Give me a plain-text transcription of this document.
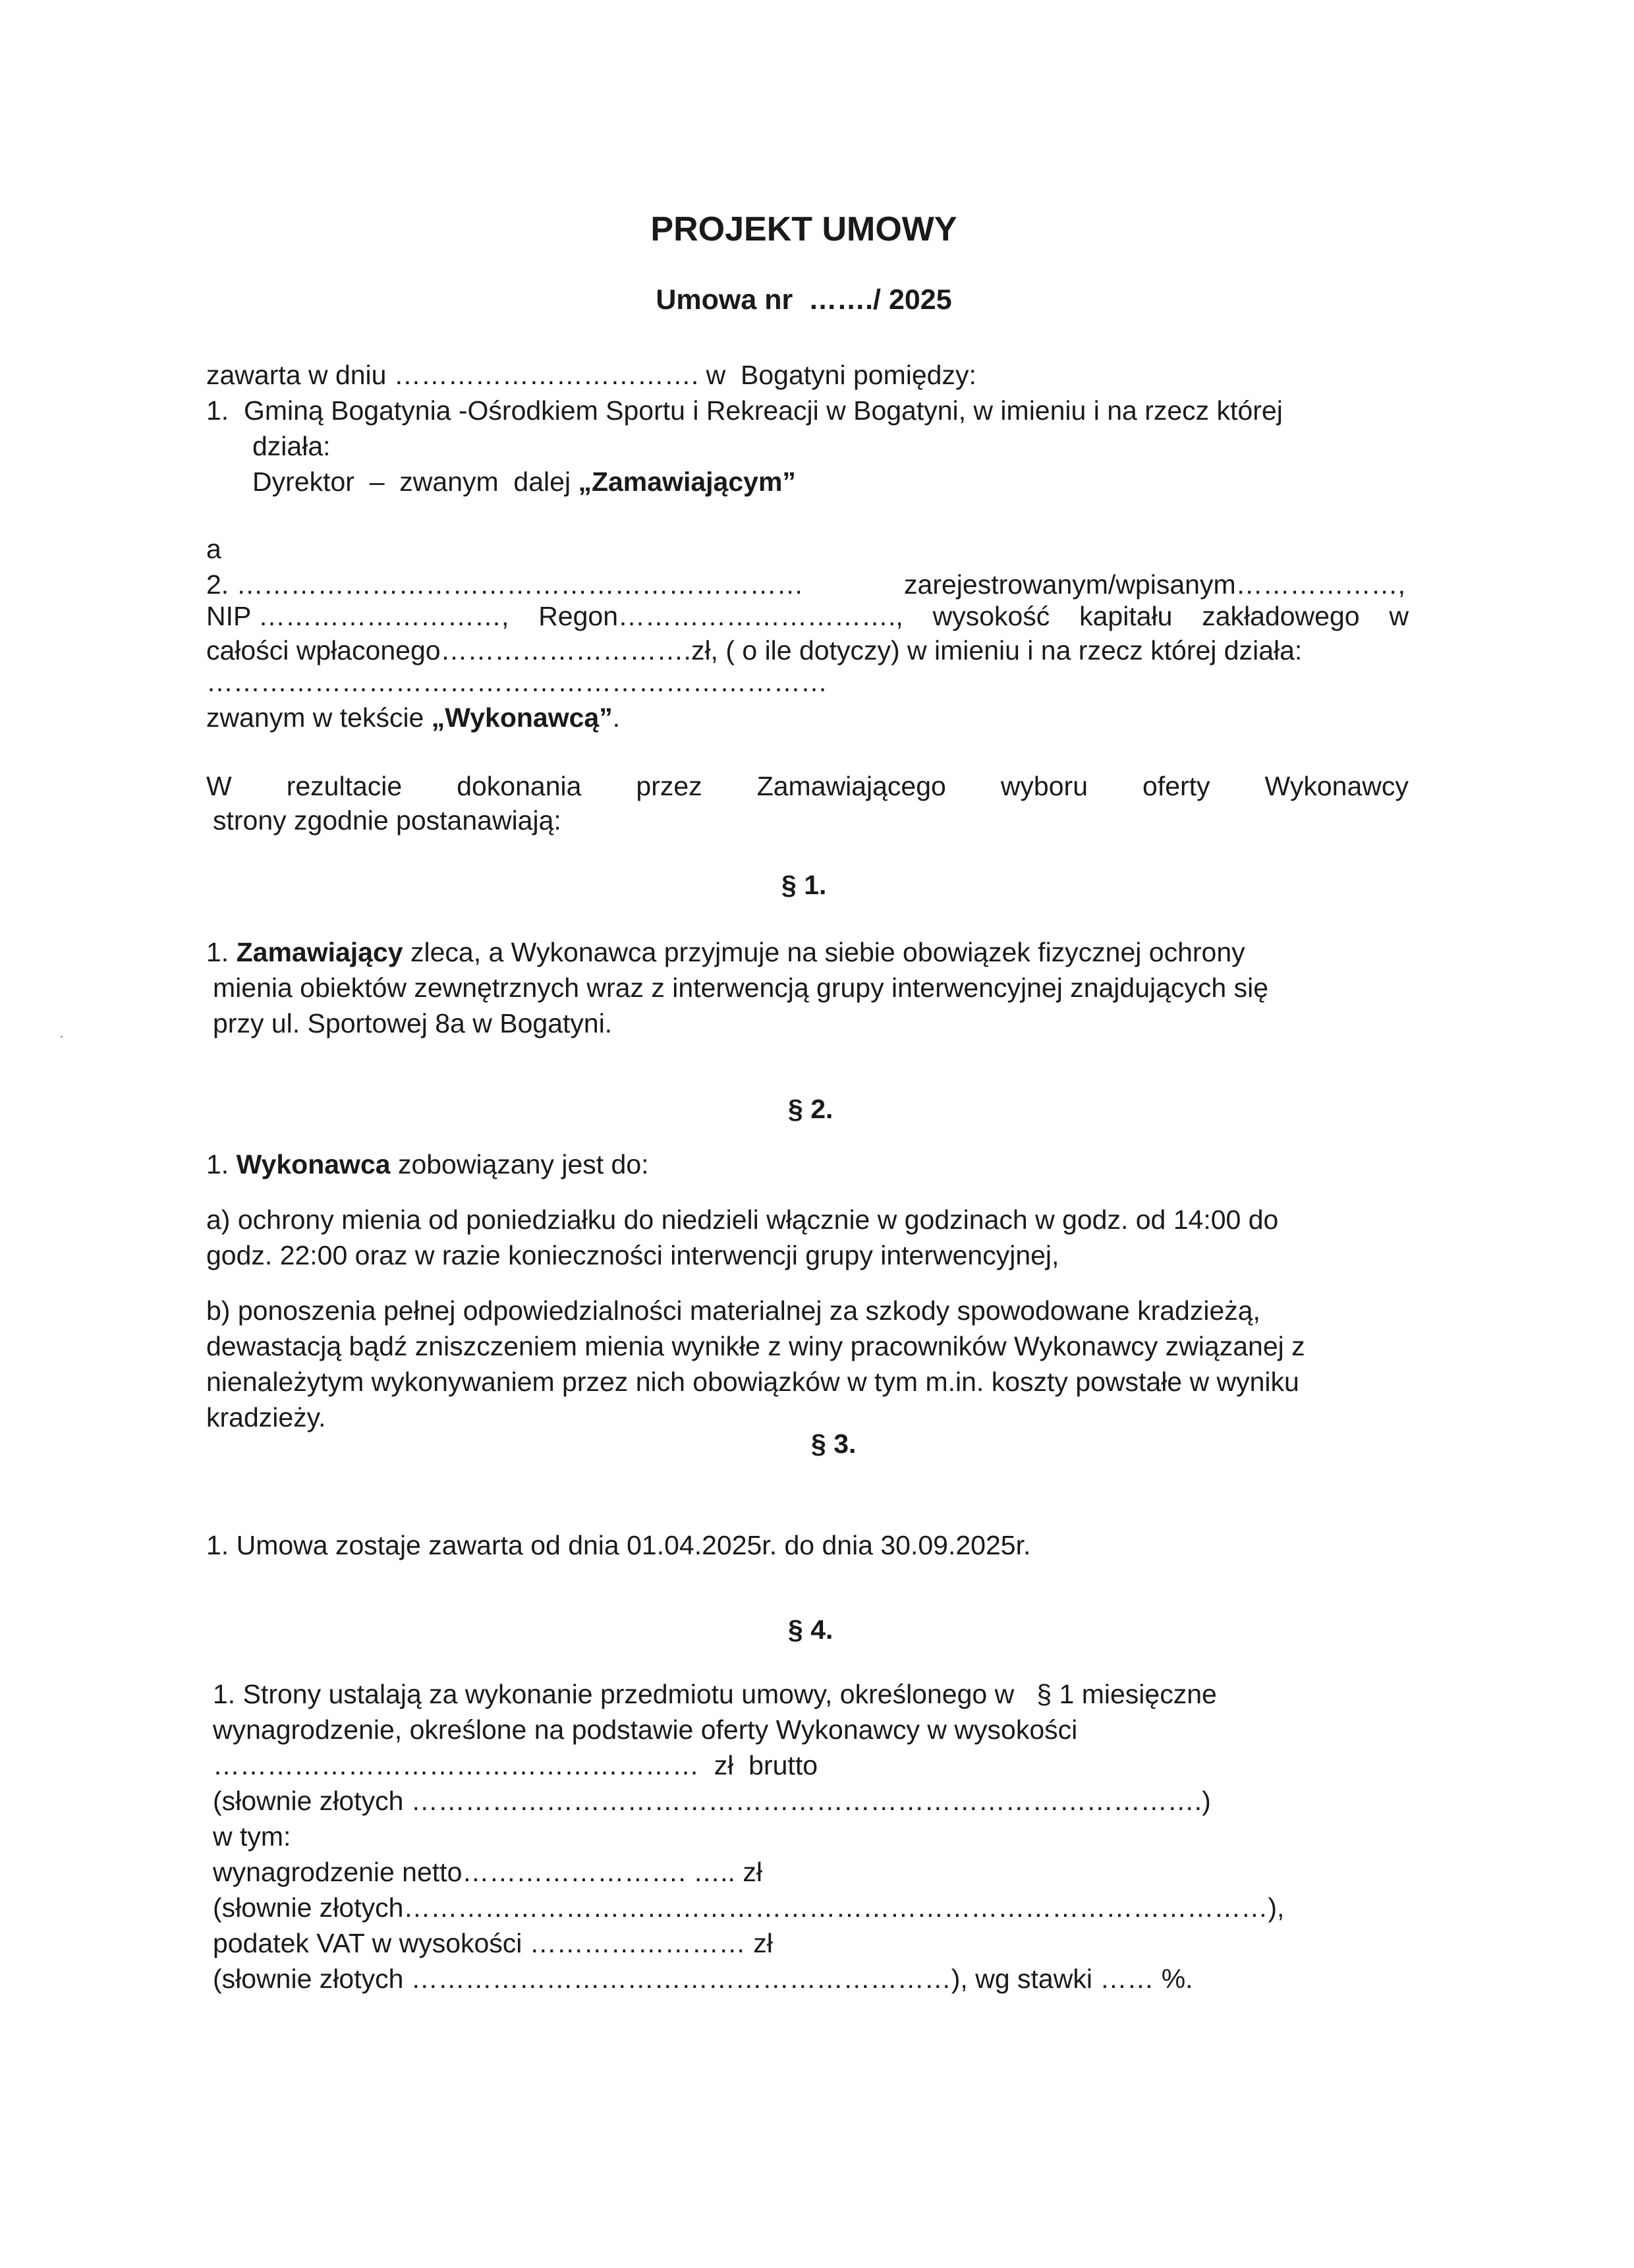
PROJEKT UMOWY
Umowa nr  ……./ 2025
zawarta w dniu ……………………………. w  Bogatyni pomiędzy:
1.  Gminą Bogatynia -Ośrodkiem Sportu i Rekreacji w Bogatyni, w imieniu i na rzecz której
działa:
Dyrektor  –  zwanym  dalej „Zamawiającym”
a
2. ………………………………………………………	zarejestrowanym/wpisanym………………,
NIP ………………………, Regon…………………………., wysokość kapitału zakładowego w
całości wpłaconego……………………….zł, ( o ile dotyczy) w imieniu i na rzecz której działa:
……………………………………………………………
zwanym w tekście „Wykonawcą”.
W rezultacie dokonania przez Zamawiającego wyboru oferty Wykonawcy
strony zgodnie postanawiają:
§ 1.
1. Zamawiający zleca, a Wykonawca przyjmuje na siebie obowiązek fizycznej ochrony
mienia obiektów zewnętrznych wraz z interwencją grupy interwencyjnej znajdujących się
przy ul. Sportowej 8a w Bogatyni.
§ 2.
1. Wykonawca zobowiązany jest do:
a) ochrony mienia od poniedziałku do niedzieli włącznie w godzinach w godz. od 14:00 do
godz. 22:00 oraz w razie konieczności interwencji grupy interwencyjnej,
b) ponoszenia pełnej odpowiedzialności materialnej za szkody spowodowane kradzieżą,
dewastacją bądź zniszczeniem mienia wynikłe z winy pracowników Wykonawcy związanej z
nienależytym wykonywaniem przez nich obowiązków w tym m.in. koszty powstałe w wyniku
kradzieży.
§ 3.
1. Umowa zostaje zawarta od dnia 01.04.2025r. do dnia 30.09.2025r.
§ 4.
1. Strony ustalają za wykonanie przedmiotu umowy, określonego w   § 1 miesięczne
wynagrodzenie, określone na podstawie oferty Wykonawcy w wysokości
………………………………………………  zł  brutto
(słownie złotych …………………………………………………………………………….)
w tym:
wynagrodzenie netto……………………. ….. zł
(słownie złotych……………………………………………………………………………………),
podatek VAT w wysokości …………………… zł
(słownie złotych ……………………………………………………), wg stawki …… %.
